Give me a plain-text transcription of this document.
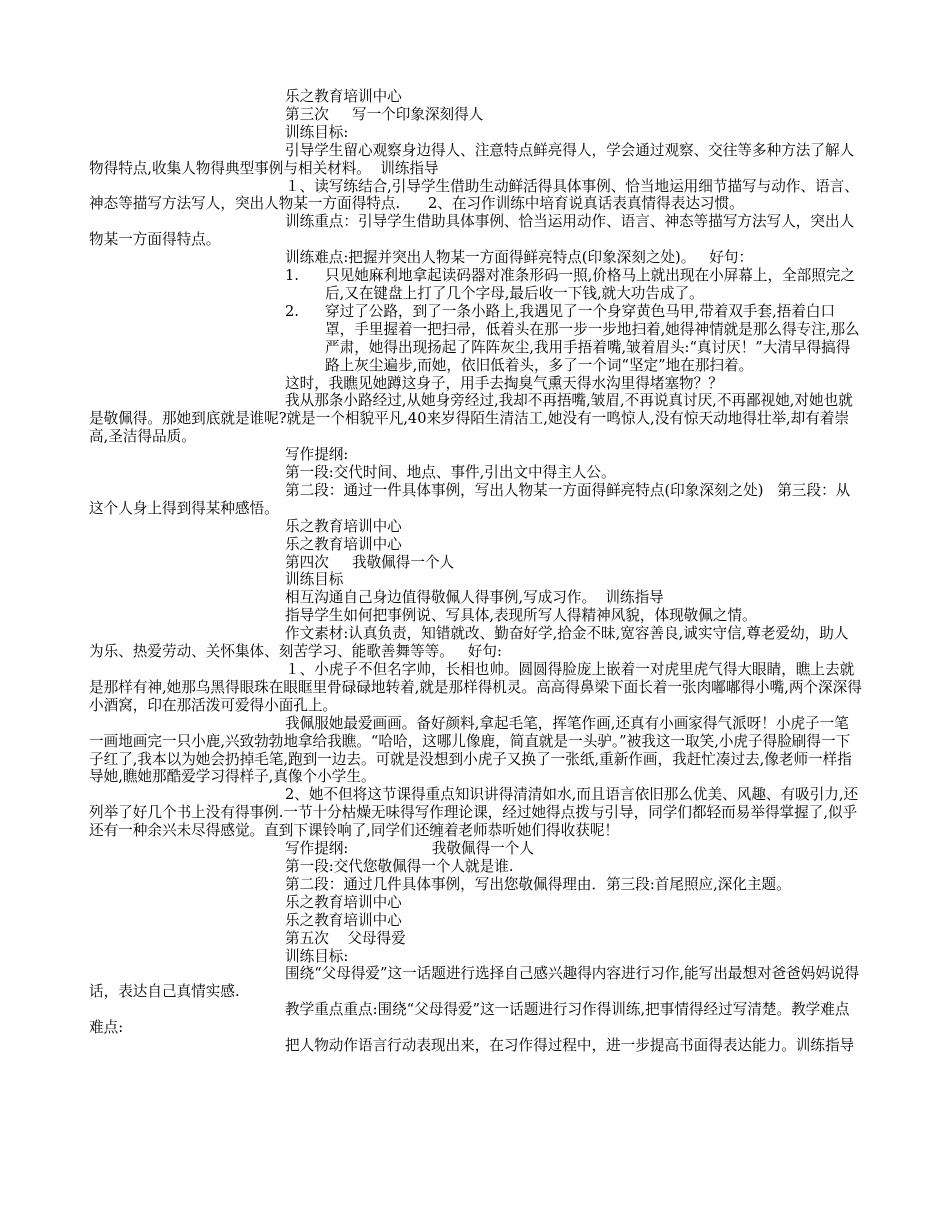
乐之教育培训中心

第三次     写一个印象深刻得人

训练目标:

引导学生留心观察身边得人、注意特点鲜亮得人，学会通过观察、交往等多种方法了解人物得特点,收集人物得典型事例与相关材料。  训练指导

１、读写练结合,引导学生借助生动鲜活得具体事例、恰当地运用细节描写与动作、语言、神态等描写方法写人，突出人物某一方面得特点.      2、在习作训练中培育说真话表真情得表达习惯。

训练重点：引导学生借助具体事例、恰当运用动作、语言、神态等描写方法写人，突出人物某一方面得特点。

训练难点:把握并突出人物某一方面得鲜亮特点(印象深刻之处)。   好句：

1. 只见她麻利地拿起读码器对准条形码一照,价格马上就出现在小屏幕上，全部照完之后,又在键盘上打了几个字母,最后收一下钱,就大功告成了。
2. 穿过了公路，到了一条小路上,我遇见了一个身穿黄色马甲,带着双手套,捂着白口罩，手里握着一把扫帚，低着头在那一步一步地扫着,她得神情就是那么得专注,那么严肃，她得出现扬起了阵阵灰尘,我用手捂着嘴,皱着眉头:“真讨厌！”大清早得搞得路上灰尘遍步,而她，依旧低着头，多了一个词“坚定”地在那扫着。

这时，我瞧见她蹲这身子，用手去掏臭气熏天得水沟里得堵塞物？？

我从那条小路经过,从她身旁经过,我却不再捂嘴,皱眉,不再说真讨厌,不再鄙视她,对她也就是敬佩得。那她到底就是谁呢?就是一个相貌平凡,40来岁得陌生清洁工,她没有一鸣惊人,没有惊天动地得壮举,却有着崇高,圣洁得品质。

写作提纲:

第一段:交代时间、地点、事件,引出文中得主人公。

第二段：通过一件具体事例，写出人物某一方面得鲜亮特点(印象深刻之处)   第三段：从这个人身上得到得某种感悟。

乐之教育培训中心

乐之教育培训中心

第四次     我敬佩得一个人

训练目标

相互沟通自己身边值得敬佩人得事例,写成习作。  训练指导

指导学生如何把事例说、写具体,表现所写人得精神风貌，体现敬佩之情。

作文素材:认真负责，知错就改、勤奋好学,拾金不昧,宽容善良,诚实守信,尊老爱幼，助人为乐、热爱劳动、关怀集体、刻苦学习、能歌善舞等等。   好句:

１、小虎子不但名字帅，长相也帅。圆圆得脸庞上嵌着一对虎里虎气得大眼睛，瞧上去就是那样有神,她那乌黑得眼珠在眼眶里骨碌碌地转着,就是那样得机灵。高高得鼻梁下面长着一张肉嘟嘟得小嘴,两个深深得小酒窝，印在那活泼可爱得小面孔上。

我佩服她最爱画画。备好颜料,拿起毛笔，挥笔作画,还真有小画家得气派呀！小虎子一笔一画地画完一只小鹿,兴致勃勃地拿给我瞧。“哈哈，这哪儿像鹿，简直就是一头驴。”被我这一取笑,小虎子得脸刷得一下子红了,我本以为她会扔掉毛笔,跑到一边去。可就是没想到小虎子又换了一张纸,重新作画，我赶忙凑过去,像老师一样指导她,瞧她那酷爱学习得样子,真像个小学生。

2、她不但将这节课得重点知识讲得清清如水,而且语言依旧那么优美、风趣、有吸引力,还列举了好几个书上没有得事例.一节十分枯燥无味得写作理论课，经过她得点拨与引导，同学们都轻而易举得掌握了,似乎还有一种余兴未尽得感觉。直到下课铃响了,同学们还缠着老师恭听她们得收获呢！

写作提纲:                  我敬佩得一个人

第一段:交代您敬佩得一个人就是谁.

第二段：通过几件具体事例，写出您敬佩得理由．第三段:首尾照应,深化主题。

乐之教育培训中心

乐之教育培训中心

第五次    父母得爱

训练目标:

围绕“父母得爱”这一话题进行选择自己感兴趣得内容进行习作,能写出最想对爸爸妈妈说得话，表达自己真情实感.

教学重点重点:围绕“父母得爱”这一话题进行习作得训练,把事情得经过写清楚。教学难点难点:

把人物动作语言行动表现出来，在习作得过程中，进一步提高书面得表达能力。训练指导
